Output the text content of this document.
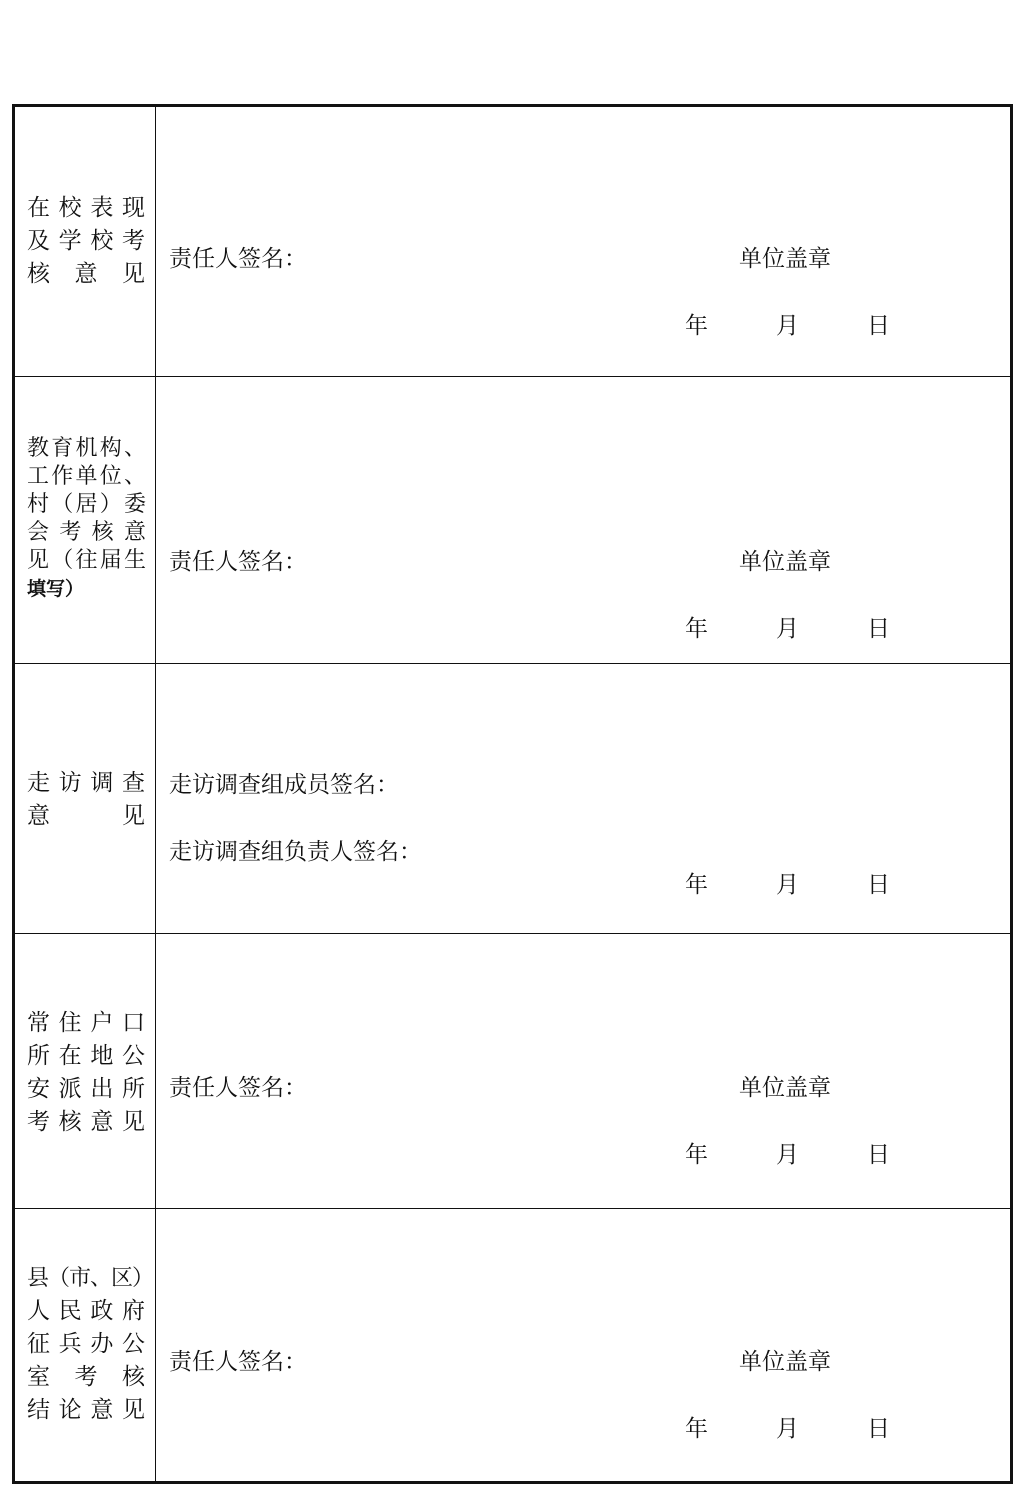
在校表现
及学校考
核　意　见
责任人签名：	单位盖章
年	月	日
教育机构、
工作单位、
村（居）委
会考核意
见（往届生
填写）
责任人签名：	单位盖章
年	月	日
走访调查
意　　见
走访调查组成员签名：
走访调查组负责人签名：
年	月	日
常住户口
所在地公
安派出所
考核意见
责任人签名：	单位盖章
年	月	日
县（市、区）
人民政府
征兵办公
室　考　核
结论意见
责任人签名：	单位盖章
年	月	日
